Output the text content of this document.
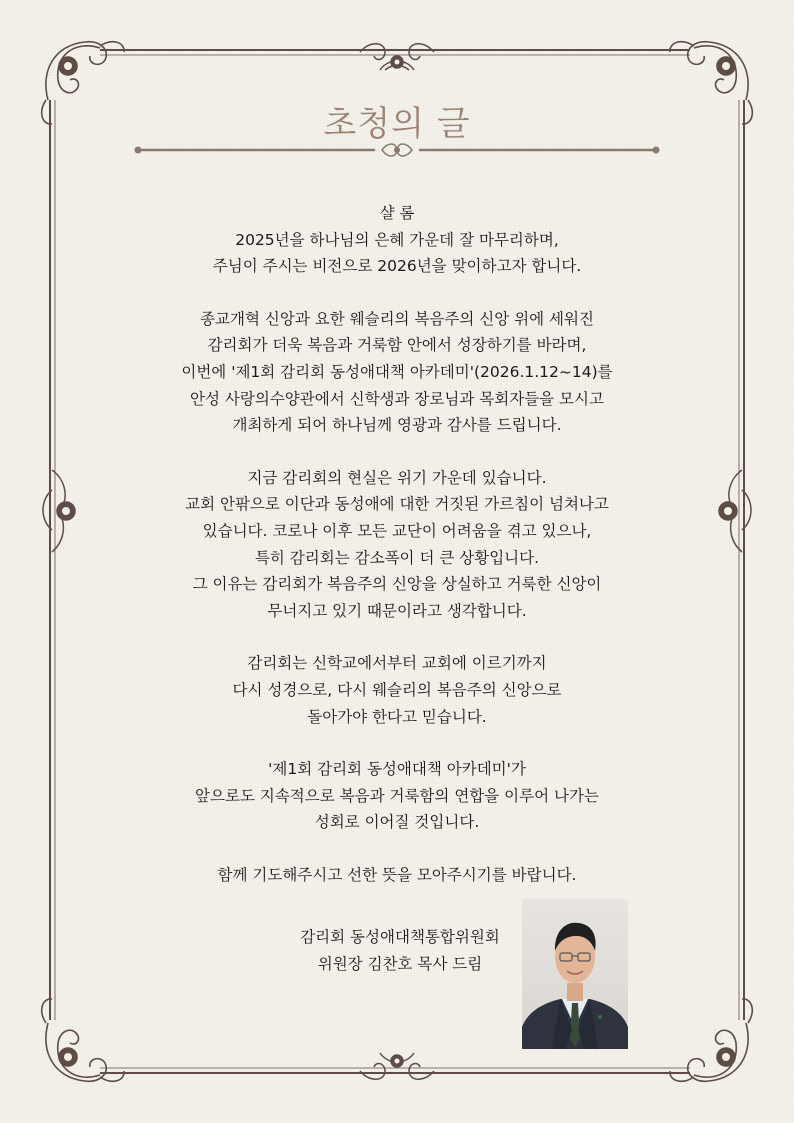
초청의 글
샬 롬
2025년을 하나님의 은혜 가운데 잘 마무리하며,
주님이 주시는 비전으로 2026년을 맞이하고자 합니다.
종교개혁 신앙과 요한 웨슬리의 복음주의 신앙 위에 세워진
감리회가 더욱 복음과 거룩함 안에서 성장하기를 바라며,
이번에 '제1회 감리회 동성애대책 아카데미'(2026.1.12~14)를
안성 사랑의수양관에서 신학생과 장로님과 목회자들을 모시고
개최하게 되어 하나님께 영광과 감사를 드립니다.
지금 감리회의 현실은 위기 가운데 있습니다.
교회 안팎으로 이단과 동성애에 대한 거짓된 가르침이 넘쳐나고
있습니다. 코로나 이후 모든 교단이 어려움을 겪고 있으나,
특히 감리회는 감소폭이 더 큰 상황입니다.
그 이유는 감리회가 복음주의 신앙을 상실하고 거룩한 신앙이
무너지고 있기 때문이라고 생각합니다.
감리회는 신학교에서부터 교회에 이르기까지
다시 성경으로, 다시 웨슬리의 복음주의 신앙으로
돌아가야 한다고 믿습니다.
'제1회 감리회 동성애대책 아카데미'가
앞으로도 지속적으로 복음과 거룩함의 연합을 이루어 나가는
성회로 이어질 것입니다.
함께 기도해주시고 선한 뜻을 모아주시기를 바랍니다.
감리회 동성애대책통합위원회
위원장 김찬호 목사 드림
